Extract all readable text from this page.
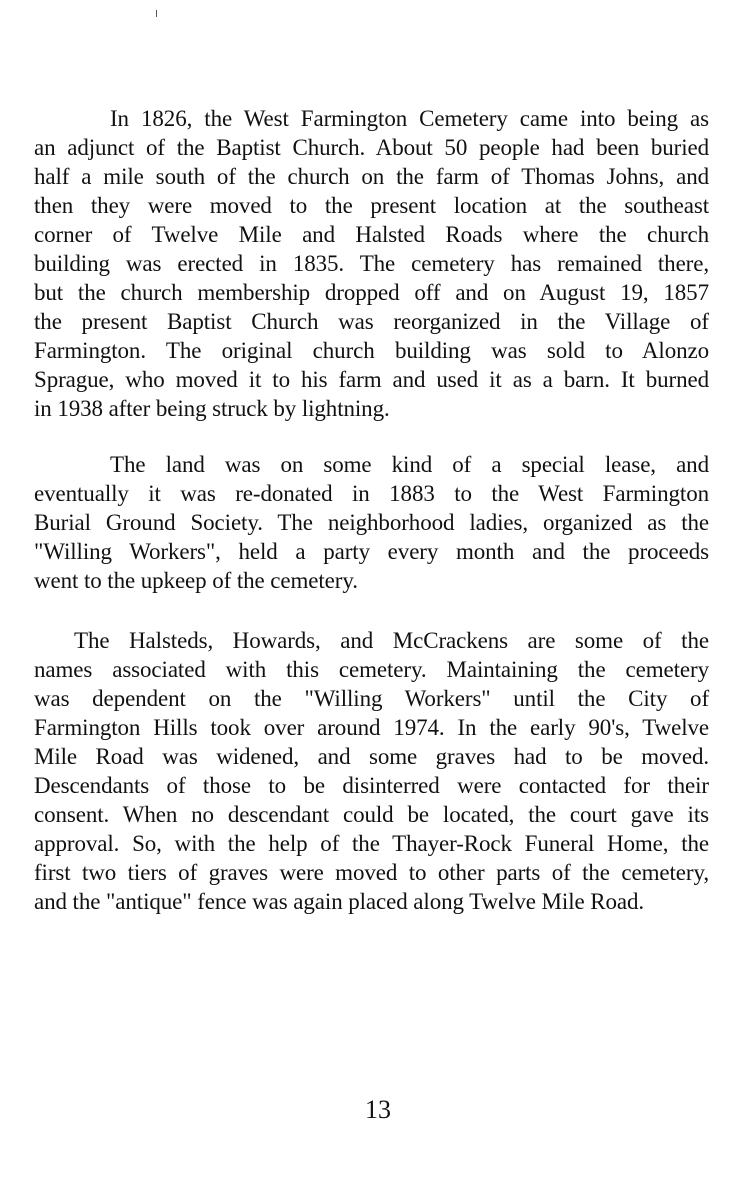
In 1826, the West Farmington Cemetery came into being as
an adjunct of the Baptist Church. About 50 people had been buried
half a mile south of the church on the farm of Thomas Johns, and
then they were moved to the present location at the southeast
corner of Twelve Mile and Halsted Roads where the church
building was erected in 1835. The cemetery has remained there,
but the church membership dropped off and on August 19, 1857
the present Baptist Church was reorganized in the Village of
Farmington. The original church building was sold to Alonzo
Sprague, who moved it to his farm and used it as a barn. It burned
in 1938 after being struck by lightning.
The land was on some kind of a special lease, and
eventually it was re-donated in 1883 to the West Farmington
Burial Ground Society. The neighborhood ladies, organized as the
"Willing Workers", held a party every month and the proceeds
went to the upkeep of the cemetery.
The Halsteds, Howards, and McCrackens are some of the
names associated with this cemetery. Maintaining the cemetery
was dependent on the "Willing Workers" until the City of
Farmington Hills took over around 1974. In the early 90's, Twelve
Mile Road was widened, and some graves had to be moved.
Descendants of those to be disinterred were contacted for their
consent. When no descendant could be located, the court gave its
approval. So, with the help of the Thayer-Rock Funeral Home, the
first two tiers of graves were moved to other parts of the cemetery,
and the "antique" fence was again placed along Twelve Mile Road.
13
